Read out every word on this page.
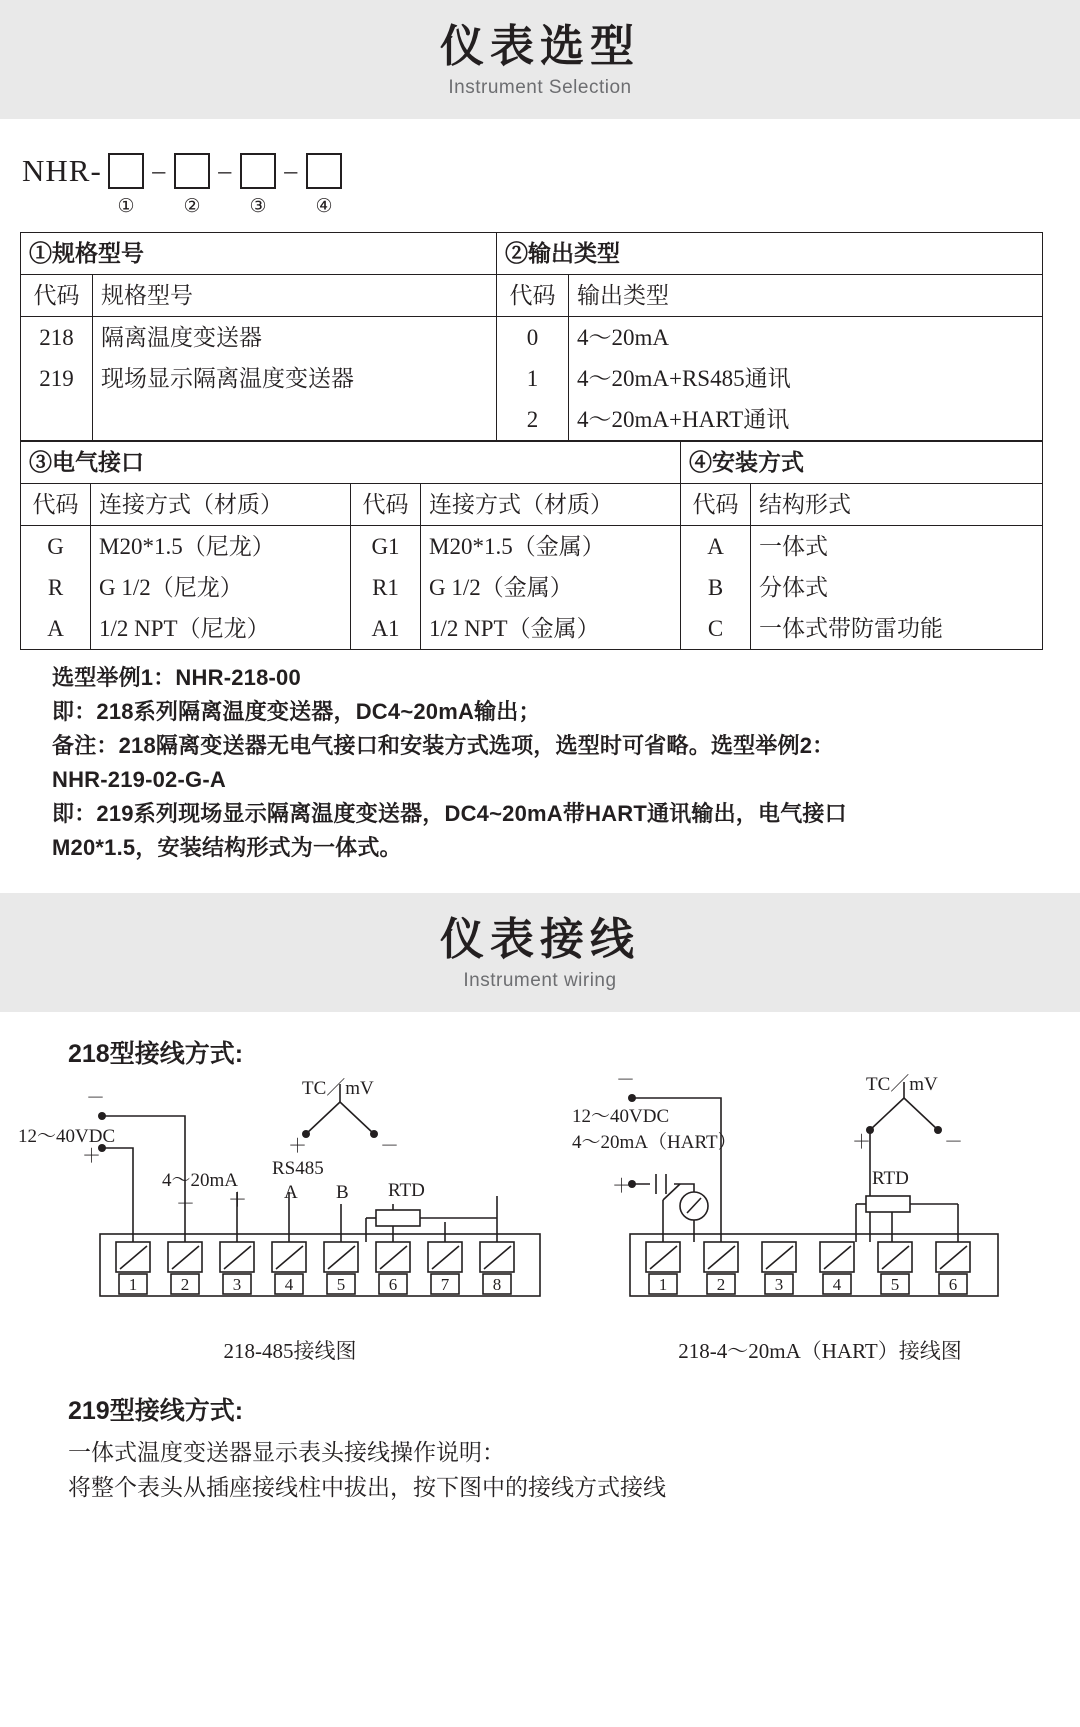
仪表选型
Instrument Selection
NHR-	–	–	–
①	②	③	④
①规格型号		②输出类型	
代码	规格型号	代码	输出类型
218	隔离温度变送器	0	4～20mA
219	现场显示隔离温度变送器	1	4～20mA+RS485通讯
		2	4～20mA+HART通讯
③电气接口				④安装方式	
代码	连接方式（材质）	代码	连接方式（材质）	代码	结构形式
G	M20*1.5（尼龙）	G1	M20*1.5（金属）	A	一体式
R	G 1/2（尼龙）	R1	G 1/2（金属）	B	分体式
A	1/2 NPT（尼龙）	A1	1/2 NPT（金属）	C	一体式带防雷功能
选型举例1：NHR-218-00
即：218系列隔离温度变送器，DC4~20mA输出；
备注：218隔离变送器无电气接口和安装方式选项，选型时可省略。选型举例2：
NHR-219-02-G-A
即：219系列现场显示隔离温度变送器，DC4~20mA带HART通讯输出，电气接口
M20*1.5，安装结构形式为一体式。
仪表接线
Instrument wiring
218型接线方式:
12～40VDC
－
＋
4～20mA
－ ＋
RS485
A B RTD
TC／mV
＋	－
1	2	3	4	5	6	7	8
218-485接线图
－
12～40VDC
4～20mA（HART）
＋	RTD
TC／mV
＋	－
1	2	3	4	5	6
218-4～20mA（HART）接线图
219型接线方式:
一体式温度变送器显示表头接线操作说明：
将整个表头从插座接线柱中拔出，按下图中的接线方式接线
